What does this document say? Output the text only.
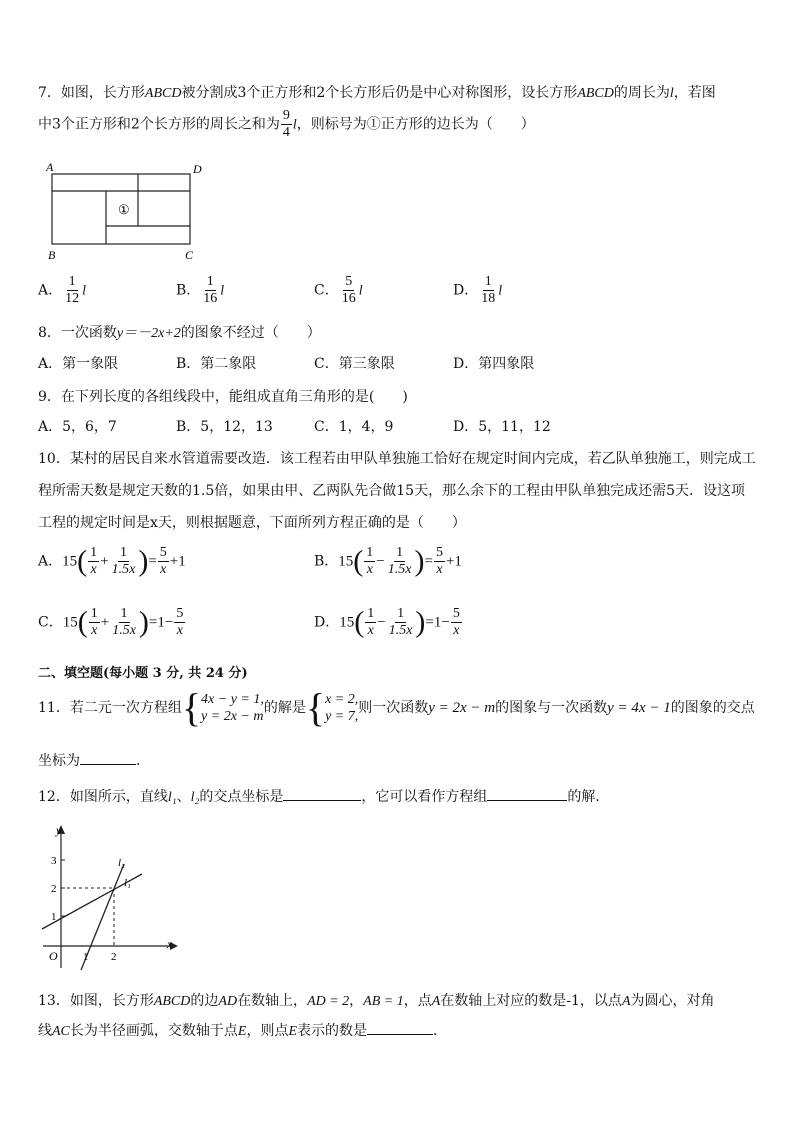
7．如图，长方形ABCD被分割成3个正方形和2个长方形后仍是中心对称图形，设长方形ABCD的周长为l，若图
中3个正方形和2个长方形的周长之和为 $\frac{9}{4}$ l，则标号为①正方形的边长为（　　）
①
A	D
B	C
A． $\frac{1}{12}$ l	B． $\frac{1}{16}$ l	C． $\frac{5}{16}$ l	D． $\frac{1}{18}$ l
8．一次函数y＝－2x+2的图象不经过（　　）
A．第一象限	B．第二象限	C．第三象限	D．第四象限
9．在下列长度的各组线段中，能组成直角三角形的是(　　)
A．5，6，7	B．5，12，13	C．1，4，9	D．5，11，12
10．某村的居民自来水管道需要改造．该工程若由甲队单独施工恰好在规定时间内完成，若乙队单独施工，则完成工
程所需天数是规定天数的1.5倍，如果由甲、乙两队先合做15天，那么余下的工程由甲队单独完成还需5天．设这项
工程的规定时间是x天，则根据题意，下面所列方程正确的是（　　）
A．$15( \frac{1}{x} + \frac{1}{1.5x}$ )= $\frac{5}{x} +1$	B．$15( \frac{1}{x} - \frac{1}{1.5x}$ )= $\frac{5}{x} +1$
C．$15( \frac{1}{x} + \frac{1}{1.5x} )=1- \frac{5}{x}$	D．$15( \frac{1}{x} - \frac{1}{1.5x} )=1- \frac{5}{x}$
二、填空题(每小题 3 分, 共 24 分)
11．若二元一次方程组{ 4x − y = 1,
y = 2x − m
的解是{ x = 2,
y = 7,
则一次函数y = 2x − m的图象与一次函数y = 4x − 1的图象的交点
坐标为	．
12．如图所示，直线l₁、l₂的交点坐标是	，它可以看作方程组	的解．
y
x
O 1 2
1
2
3	l₂
l₁
13．如图，长方形ABCD的边AD在数轴上，AD = 2，AB = 1，点A在数轴上对应的数是-1，以点A为圆心，对角
线AC长为半径画弧，交数轴于点E，则点E表示的数是	．
